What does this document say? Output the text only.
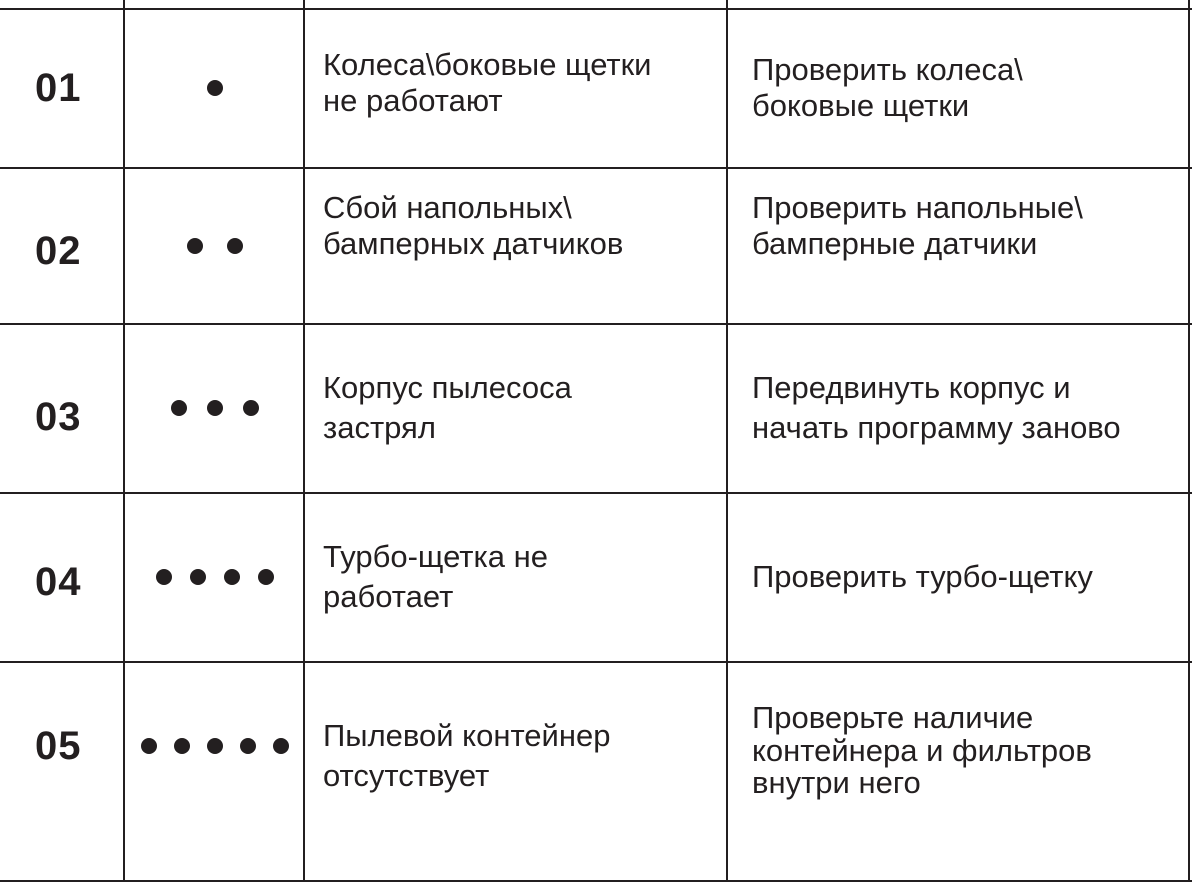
01
Колеса\боковые щетки
не работают
Проверить колеса\
боковые щетки
02
Сбой напольных\
бамперных датчиков
Проверить напольные\
бамперные датчики
03
Корпус пылесоса
застрял
Передвинуть корпус и
начать программу заново
04
Турбо-щетка не
работает
Проверить турбо-щетку
05	Пылевой контейнер
отсутствует
Проверьте наличие
контейнера и фильтров
внутри него
